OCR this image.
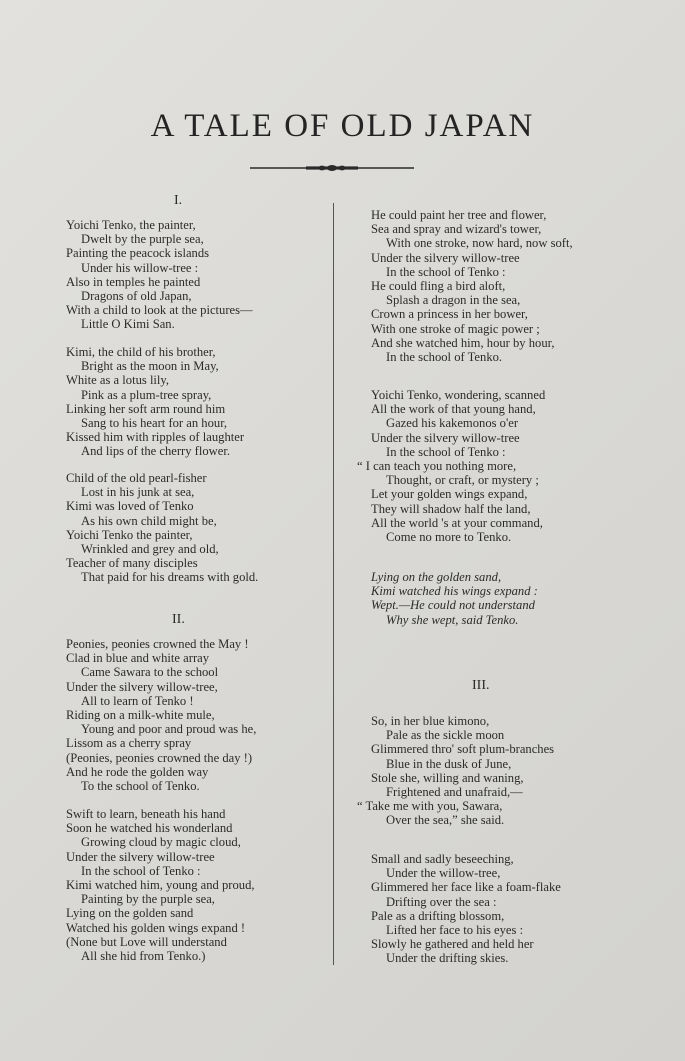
A TALE OF OLD JAPAN
I.
II.
III.
Yoichi Tenko, the painter,
Dwelt by the purple sea,
Painting the peacock islands
Under his willow-tree :
Also in temples he painted
Dragons of old Japan,
With a child to look at the pictures—
Little O Kimi San.
Kimi, the child of his brother,
Bright as the moon in May,
White as a lotus lily,
Pink as a plum-tree spray,
Linking her soft arm round him
Sang to his heart for an hour,
Kissed him with ripples of laughter
And lips of the cherry flower.
Child of the old pearl-fisher
Lost in his junk at sea,
Kimi was loved of Tenko
As his own child might be,
Yoichi Tenko the painter,
Wrinkled and grey and old,
Teacher of many disciples
That paid for his dreams with gold.
Peonies, peonies crowned the May !
Clad in blue and white array
Came Sawara to the school
Under the silvery willow-tree,
All to learn of Tenko !
Riding on a milk-white mule,
Young and poor and proud was he,
Lissom as a cherry spray
(Peonies, peonies crowned the day !)
And he rode the golden way
To the school of Tenko.
Swift to learn, beneath his hand
Soon he watched his wonderland
Growing cloud by magic cloud,
Under the silvery willow-tree
In the school of Tenko :
Kimi watched him, young and proud,
Painting by the purple sea,
Lying on the golden sand
Watched his golden wings expand !
(None but Love will understand
All she hid from Tenko.)
He could paint her tree and flower,
Sea and spray and wizard's tower,
With one stroke, now hard, now soft,
Under the silvery willow-tree
In the school of Tenko :
He could fling a bird aloft,
Splash a dragon in the sea,
Crown a princess in her bower,
With one stroke of magic power ;
And she watched him, hour by hour,
In the school of Tenko.
Yoichi Tenko, wondering, scanned
All the work of that young hand,
Gazed his kakemonos o'er
Under the silvery willow-tree
In the school of Tenko :
“ I can teach you nothing more,
Thought, or craft, or mystery ;
Let your golden wings expand,
They will shadow half the land,
All the world 's at your command,
Come no more to Tenko.
Lying on the golden sand,
Kimi watched his wings expand :
Wept.—He could not understand
Why she wept, said Tenko.
So, in her blue kimono,
Pale as the sickle moon
Glimmered thro' soft plum-branches
Blue in the dusk of June,
Stole she, willing and waning,
Frightened and unafraid,—
“ Take me with you, Sawara,
Over the sea,” she said.
Small and sadly beseeching,
Under the willow-tree,
Glimmered her face like a foam-flake
Drifting over the sea :
Pale as a drifting blossom,
Lifted her face to his eyes :
Slowly he gathered and held her
Under the drifting skies.
